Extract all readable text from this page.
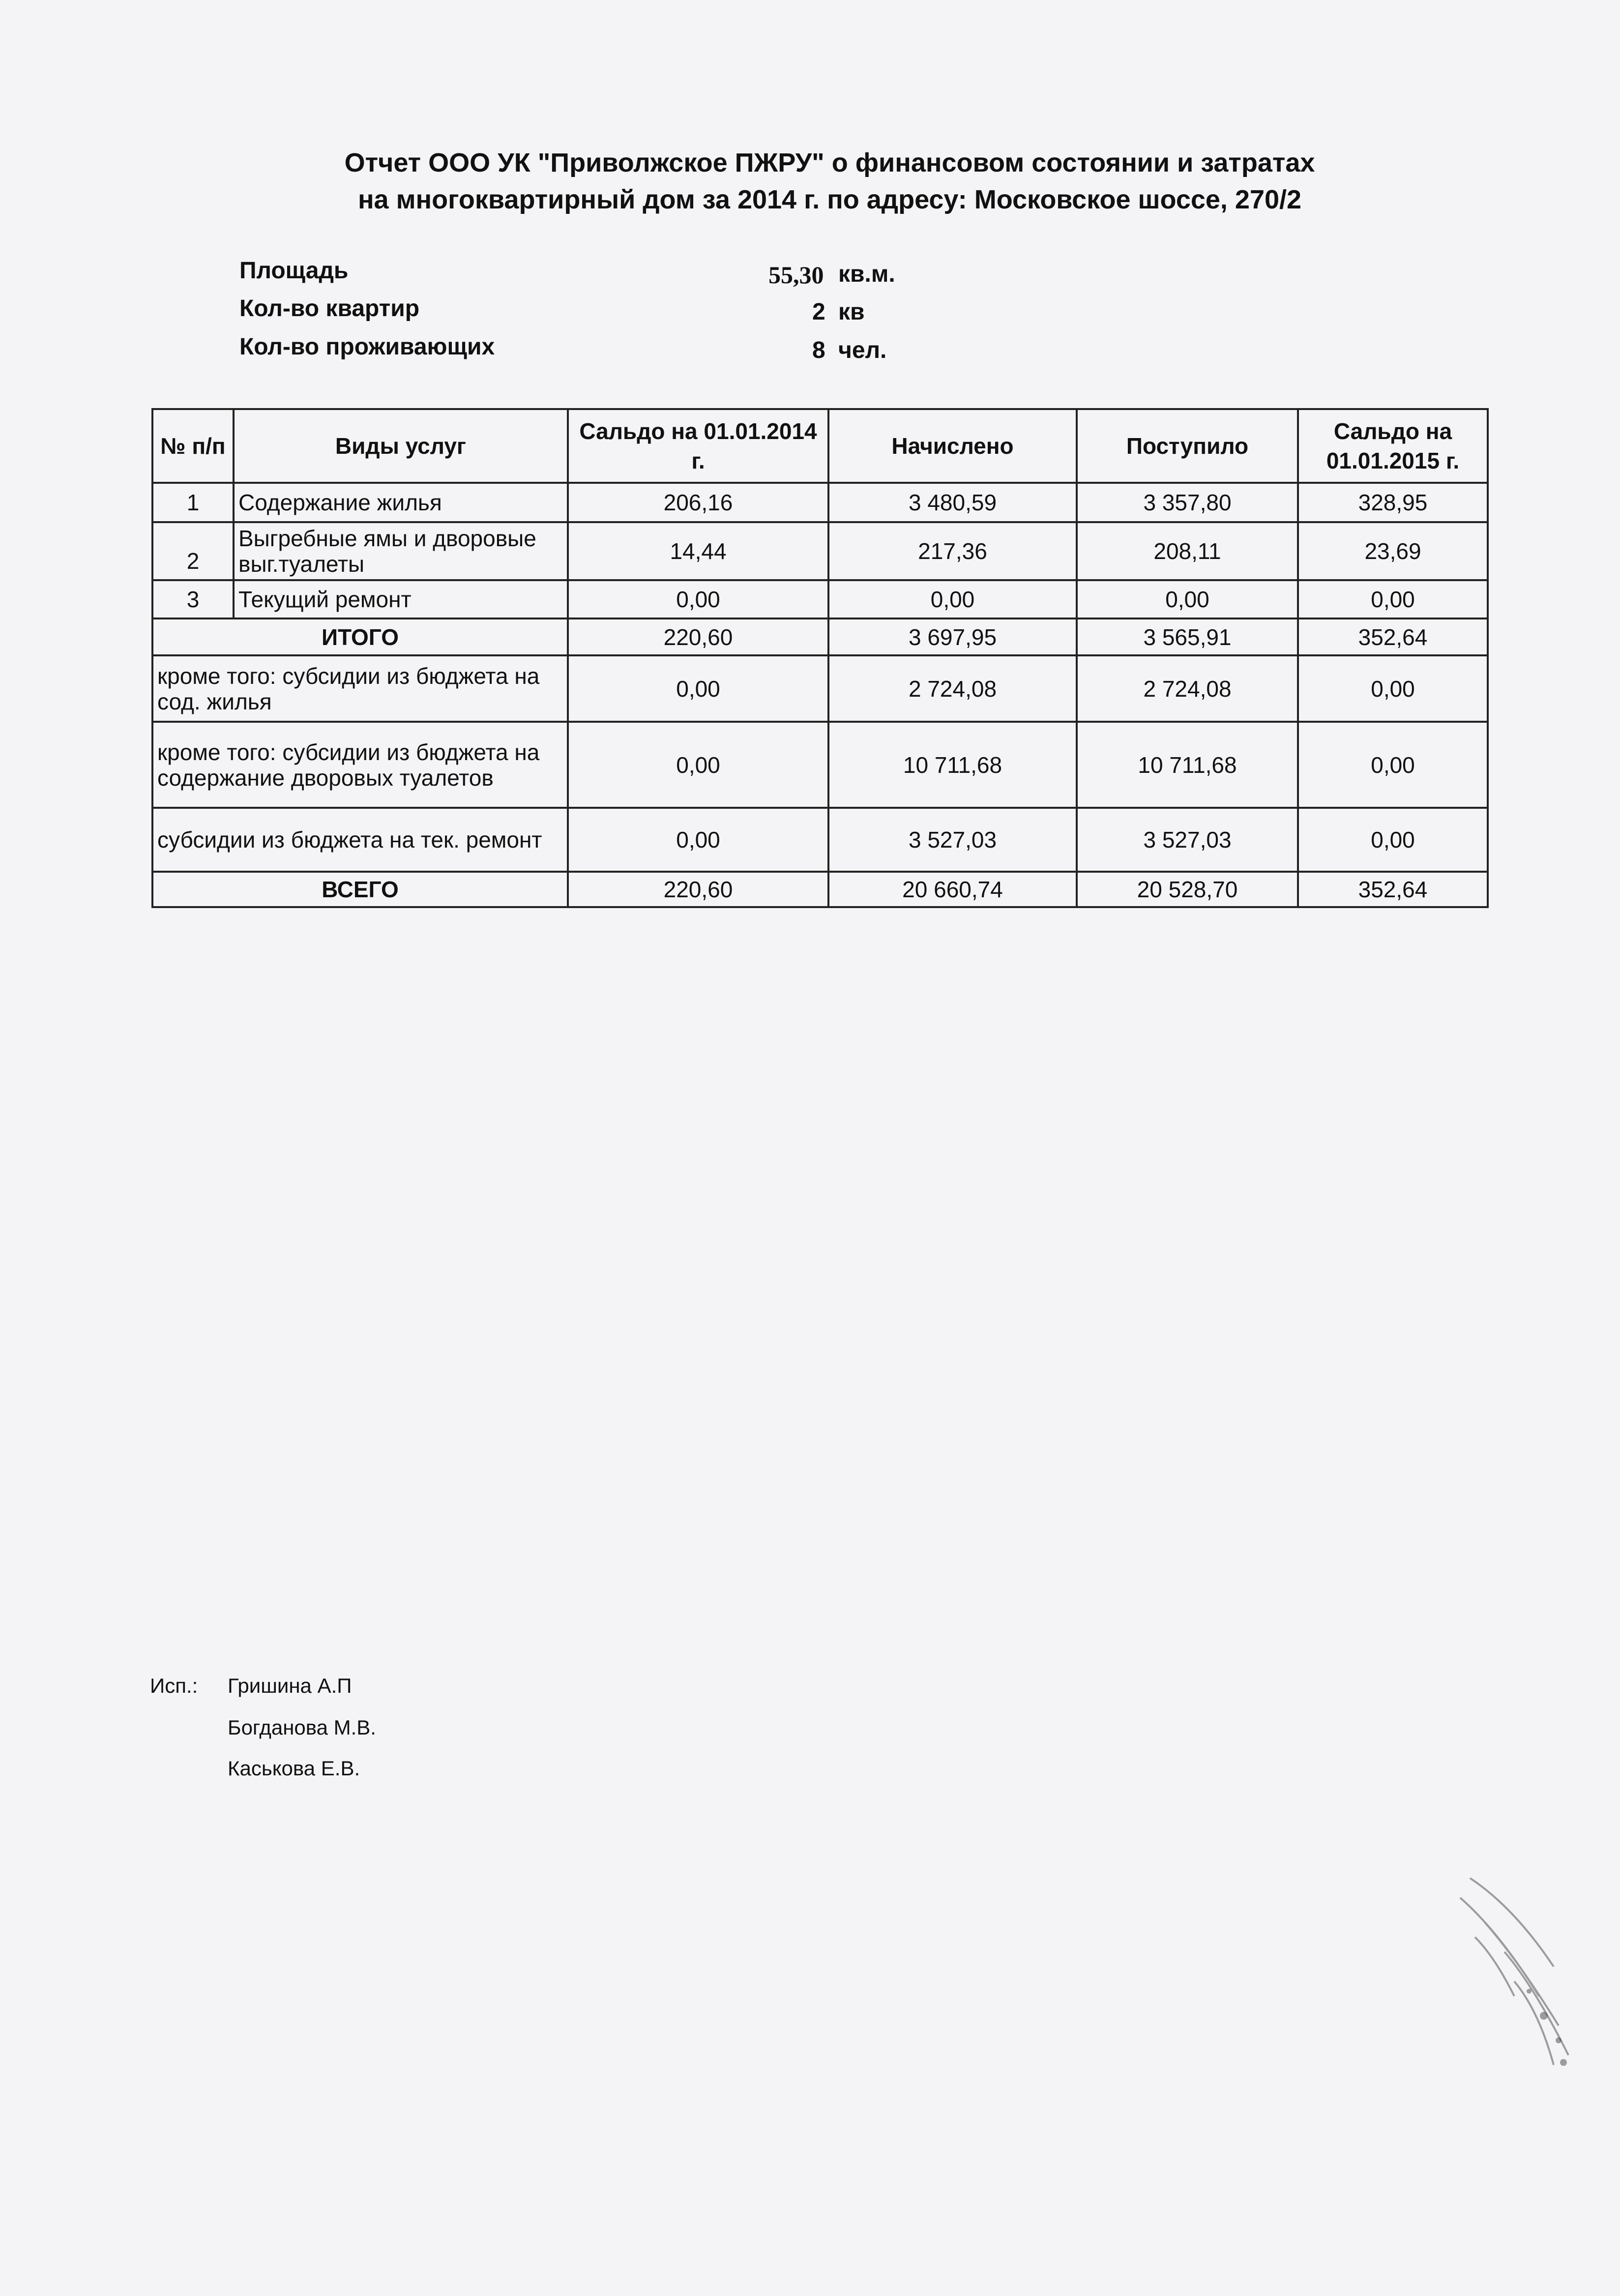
Отчет ООО УК "Приволжское ПЖРУ" о финансовом состоянии и затратах
на многоквартирный дом за 2014 г. по адресу: Московское шоссе, 270/2
Площадь	55,30 кв.м.
Кол-во квартир	2 кв
Кол-во проживающих	8 чел.
№ п/п	Виды услуг	Сальдо на 01.01.2014 г.	Начислено	Поступило	Сальдо на 01.01.2015 г.
1	Содержание жилья	206,16	3 480,59	3 357,80	328,95
2	Выгребные ямы и дворовые выг.туалеты	14,44	217,36	208,11	23,69
3	Текущий ремонт	0,00	0,00	0,00	0,00
ИТОГО		220,60	3 697,95	3 565,91	352,64
кроме того: субсидии из бюджета на сод. жилья		0,00	2 724,08	2 724,08	0,00
кроме того: субсидии из бюджета на содержание дворовых туалетов		0,00	10 711,68	10 711,68	0,00
субсидии из бюджета на тек. ремонт		0,00	3 527,03	3 527,03	0,00
ВСЕГО		220,60	20 660,74	20 528,70	352,64
Исп.: Гришина А.П
Богданова М.В.
Каськова Е.В.
